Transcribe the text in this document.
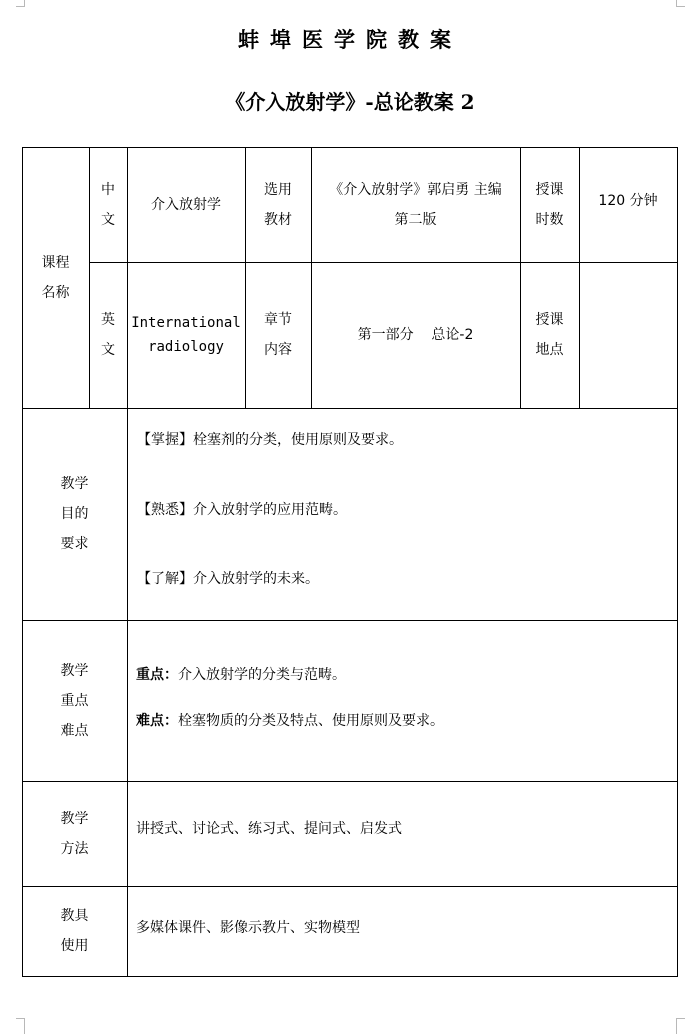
蚌埠医学院教案
《介入放射学》-总论教案 2
课程
名称
中
文
介入放射学
选用
教材
《介入放射学》郭启勇 主编
第二版
授课
时数
120 分钟
英
文
International
radiology
章节
内容
第一部分    总论-2
授课
地点
教学
目的
要求

【掌握】栓塞剂的分类，使用原则及要求。

【熟悉】介入放射学的应用范畴。

【了解】介入放射学的未来。

教学
重点
难点

重点：介入放射学的分类与范畴。

难点：栓塞物质的分类及特点、使用原则及要求。

教学
方法
讲授式、讨论式、练习式、提问式、启发式
教具
使用
多媒体课件、影像示教片、实物模型
